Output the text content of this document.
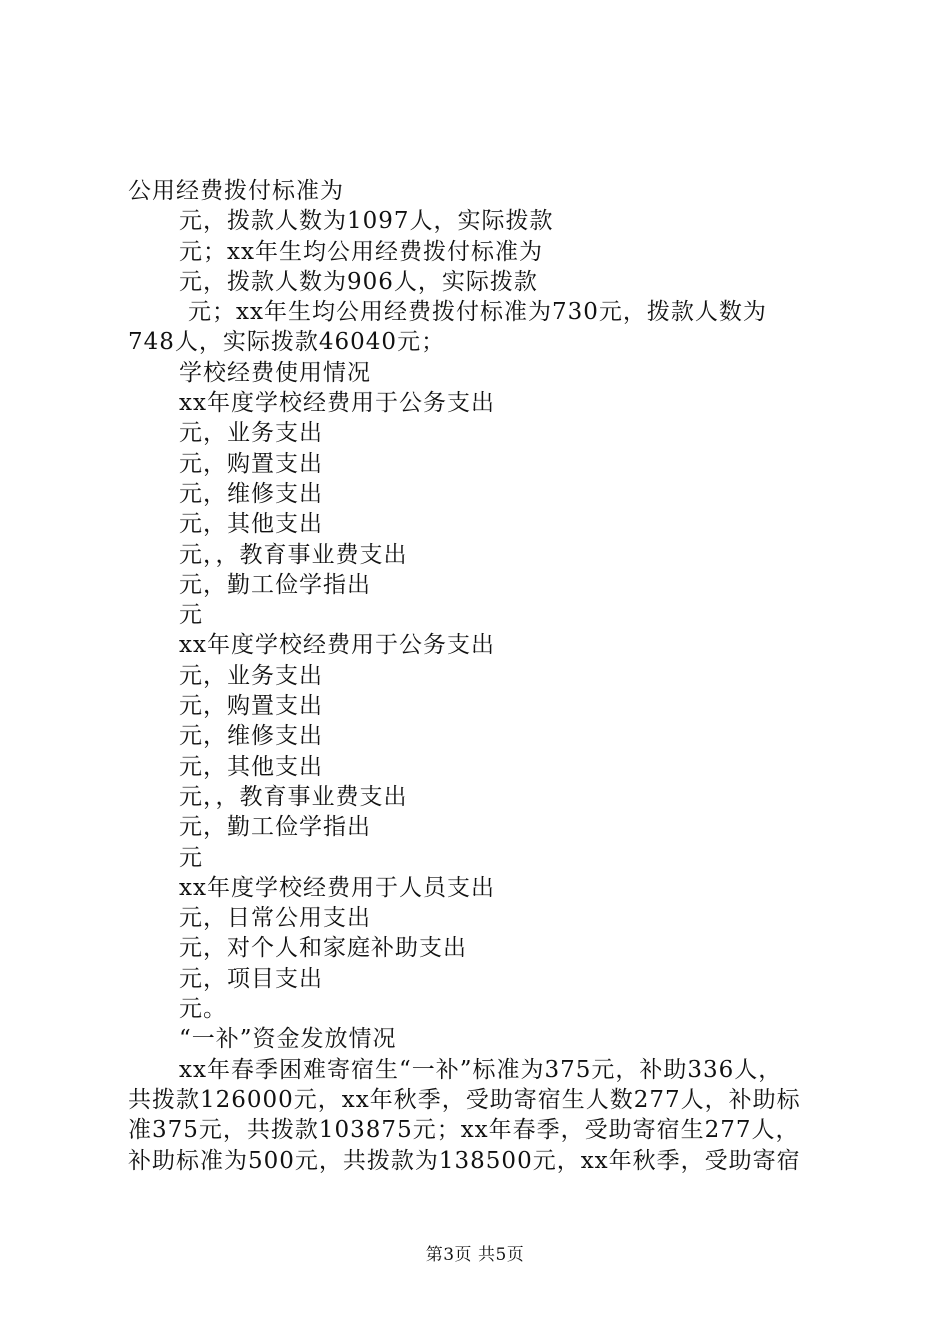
公用经费拨付标准为
元，拨款人数为1097人，实际拨款
元；xx年生均公用经费拨付标准为
元，拨款人数为906人，实际拨款
元；xx年生均公用经费拨付标准为730元，拨款人数为
748人，实际拨款46040元；
学校经费使用情况
xx年度学校经费用于公务支出
元，业务支出
元，购置支出
元，维修支出
元，其他支出
元，，教育事业费支出
元，勤工俭学指出
元
xx年度学校经费用于公务支出
元，业务支出
元，购置支出
元，维修支出
元，其他支出
元，，教育事业费支出
元，勤工俭学指出
元
xx年度学校经费用于人员支出
元，日常公用支出
元，对个人和家庭补助支出
元，项目支出
元。
“一补”资金发放情况
xx年春季困难寄宿生“一补”标准为375元，补助336人，
共拨款126000元，xx年秋季，受助寄宿生人数277人，补助标
准375元，共拨款103875元；xx年春季，受助寄宿生277人，
补助标准为500元，共拨款为138500元，xx年秋季，受助寄宿
第3页 共5页
